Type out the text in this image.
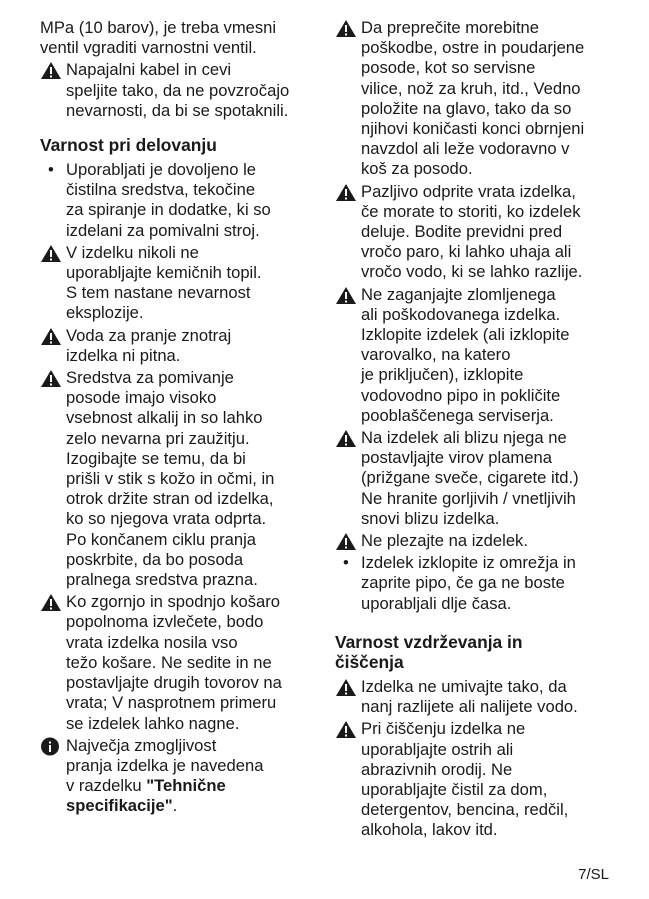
MPa (10 barov), je treba vmesni
ventil vgraditi varnostni ventil.
Napajalni kabel in cevi
speljite tako, da ne povzročajo
nevarnosti, da bi se spotaknili.
Varnost pri delovanju
• Uporabljati je dovoljeno le
čistilna sredstva, tekočine
za spiranje in dodatke, ki so
izdelani za pomivalni stroj.
V izdelku nikoli ne
uporabljajte kemičnih topil.
S tem nastane nevarnost
eksplozije.
Voda za pranje znotraj
izdelka ni pitna.
Sredstva za pomivanje
posode imajo visoko
vsebnost alkalij in so lahko
zelo nevarna pri zaužitju.
Izogibajte se temu, da bi
prišli v stik s kožo in očmi, in
otrok držite stran od izdelka,
ko so njegova vrata odprta.
Po končanem ciklu pranja
poskrbite, da bo posoda
pralnega sredstva prazna.
Ko zgornjo in spodnjo košaro
popolnoma izvlečete, bodo
vrata izdelka nosila vso
težo košare. Ne sedite in ne
postavljajte drugih tovorov na
vrata; V nasprotnem primeru
se izdelek lahko nagne.
Največja zmogljivost
pranja izdelka je navedena
v razdelku "Tehnične
specifikacije".
Da preprečite morebitne
poškodbe, ostre in poudarjene
posode, kot so servisne
vilice, nož za kruh, itd., Vedno
položite na glavo, tako da so
njihovi koničasti konci obrnjeni
navzdol ali leže vodoravno v
koš za posodo.
Pazljivo odprite vrata izdelka,
če morate to storiti, ko izdelek
deluje. Bodite previdni pred
vročo paro, ki lahko uhaja ali
vročo vodo, ki se lahko razlije.
Ne zaganjajte zlomljenega
ali poškodovanega izdelka.
Izklopite izdelek (ali izklopite
varovalko, na katero
je priključen), izklopite
vodovodno pipo in pokličite
pooblaščenega serviserja.
Na izdelek ali blizu njega ne
postavljajte virov plamena
(prižgane sveče, cigarete itd.)
Ne hranite gorljivih / vnetljivih
snovi blizu izdelka.
Ne plezajte na izdelek.
• Izdelek izklopite iz omrežja in
zaprite pipo, če ga ne boste
uporabljali dlje časa.
Varnost vzdrževanja in
čiščenja
Izdelka ne umivajte tako, da
nanj razlijete ali nalijete vodo.
Pri čiščenju izdelka ne
uporabljajte ostrih ali
abrazivnih orodij. Ne
uporabljajte čistil za dom,
detergentov, bencina, redčil,
alkohola, lakov itd.
7/SL
